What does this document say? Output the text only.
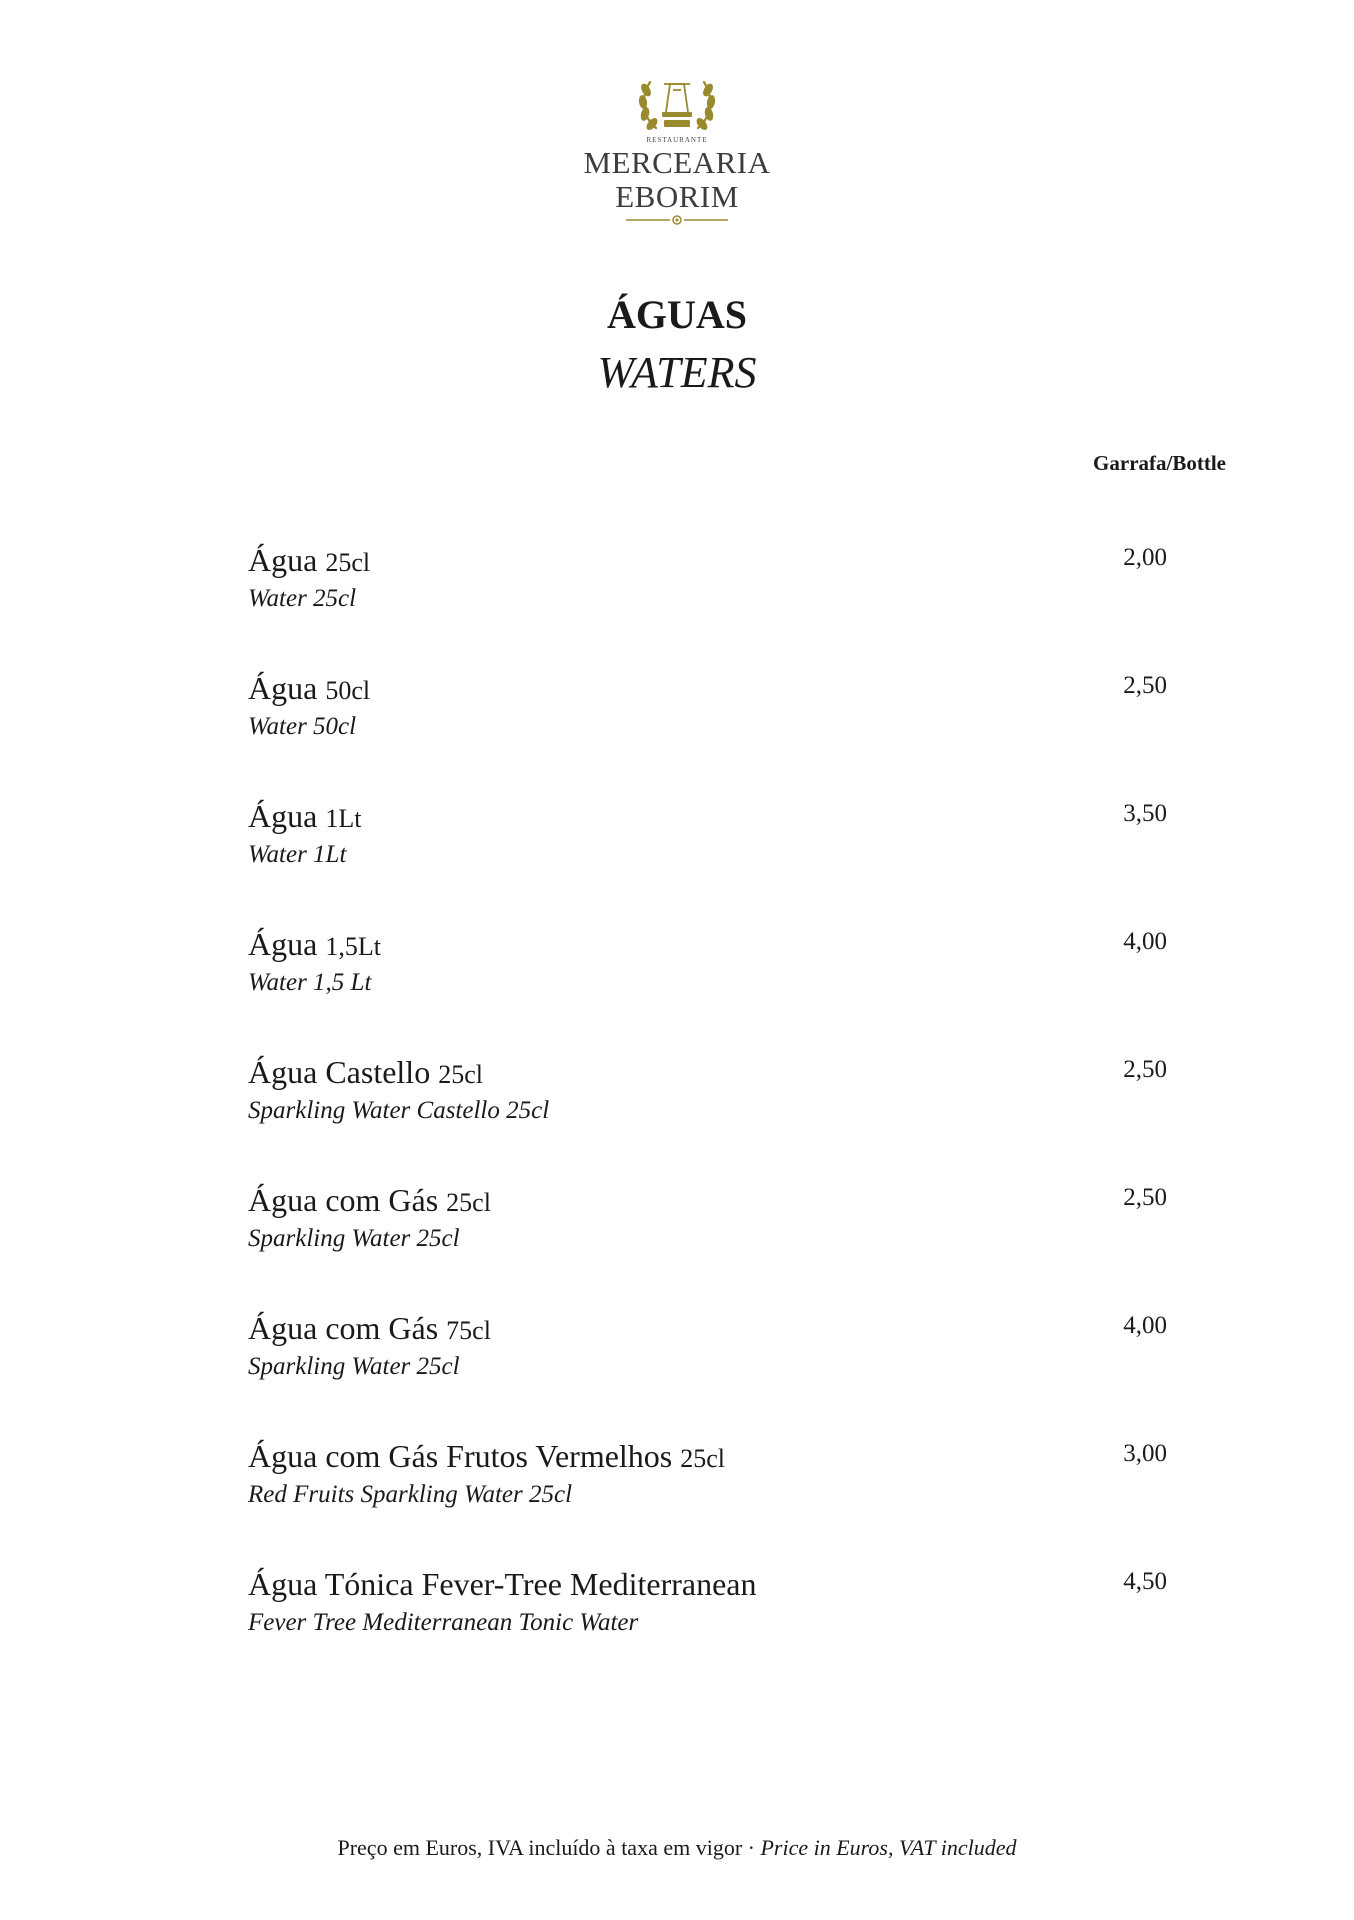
RESTAURANTE
MERCEARIA
EBORIM
ÁGUAS
WATERS
Garrafa/Bottle
Água 25cl
Water 25cl
2,00
Água 50cl
Water 50cl
2,50
Água 1Lt
Water 1Lt
3,50
Água 1,5Lt
Water 1,5 Lt
4,00
Água Castello 25cl
Sparkling Water Castello 25cl
2,50
Água com Gás 25cl
Sparkling Water 25cl
2,50
Água com Gás 75cl
Sparkling Water 25cl
4,00
Água com Gás Frutos Vermelhos 25cl
Red Fruits Sparkling Water 25cl
3,00
Água Tónica Fever-Tree Mediterranean
Fever Tree Mediterranean Tonic Water
4,50
Preço em Euros, IVA incluído à taxa em vigor · Price in Euros, VAT included
